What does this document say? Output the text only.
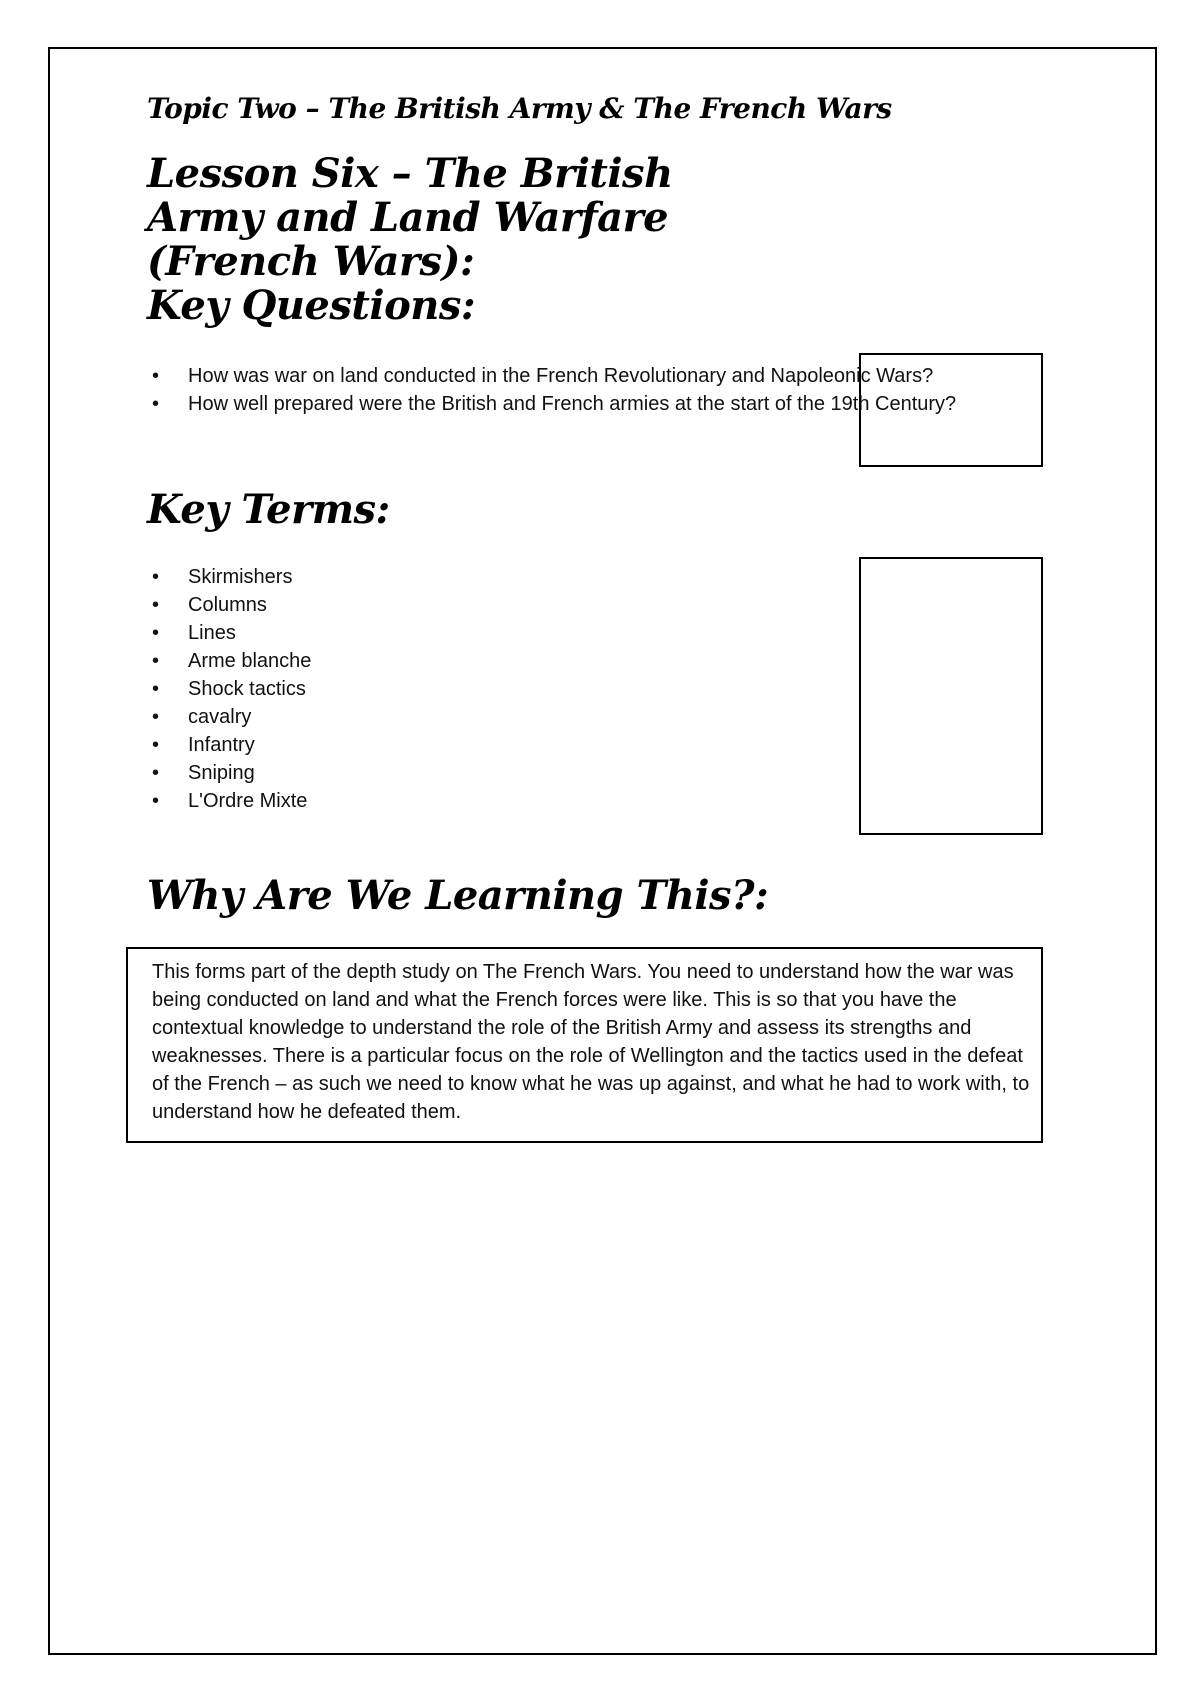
Topic Two – The British Army & The French Wars
Lesson Six – The British Army and Land Warfare (French Wars):
Key Questions:
• How was war on land conducted in the French Revolutionary and Napoleonic Wars?
• How well prepared were the British and French armies at the start of the 19th Century?
Key Terms:
• Skirmishers
• Columns
• Lines
• Arme blanche
• Shock tactics
• cavalry
• Infantry
• Sniping
• L'Ordre Mixte
Why Are We Learning This?:
This forms part of the depth study on The French Wars. You need to understand how the war was being conducted on land and what the French forces were like. This is so that you have the contextual knowledge to understand the role of the British Army and assess its strengths and weaknesses. There is a particular focus on the role of Wellington and the tactics used in the defeat of the French – as such we need to know what he was up against, and what he had to work with, to understand how he defeated them.
